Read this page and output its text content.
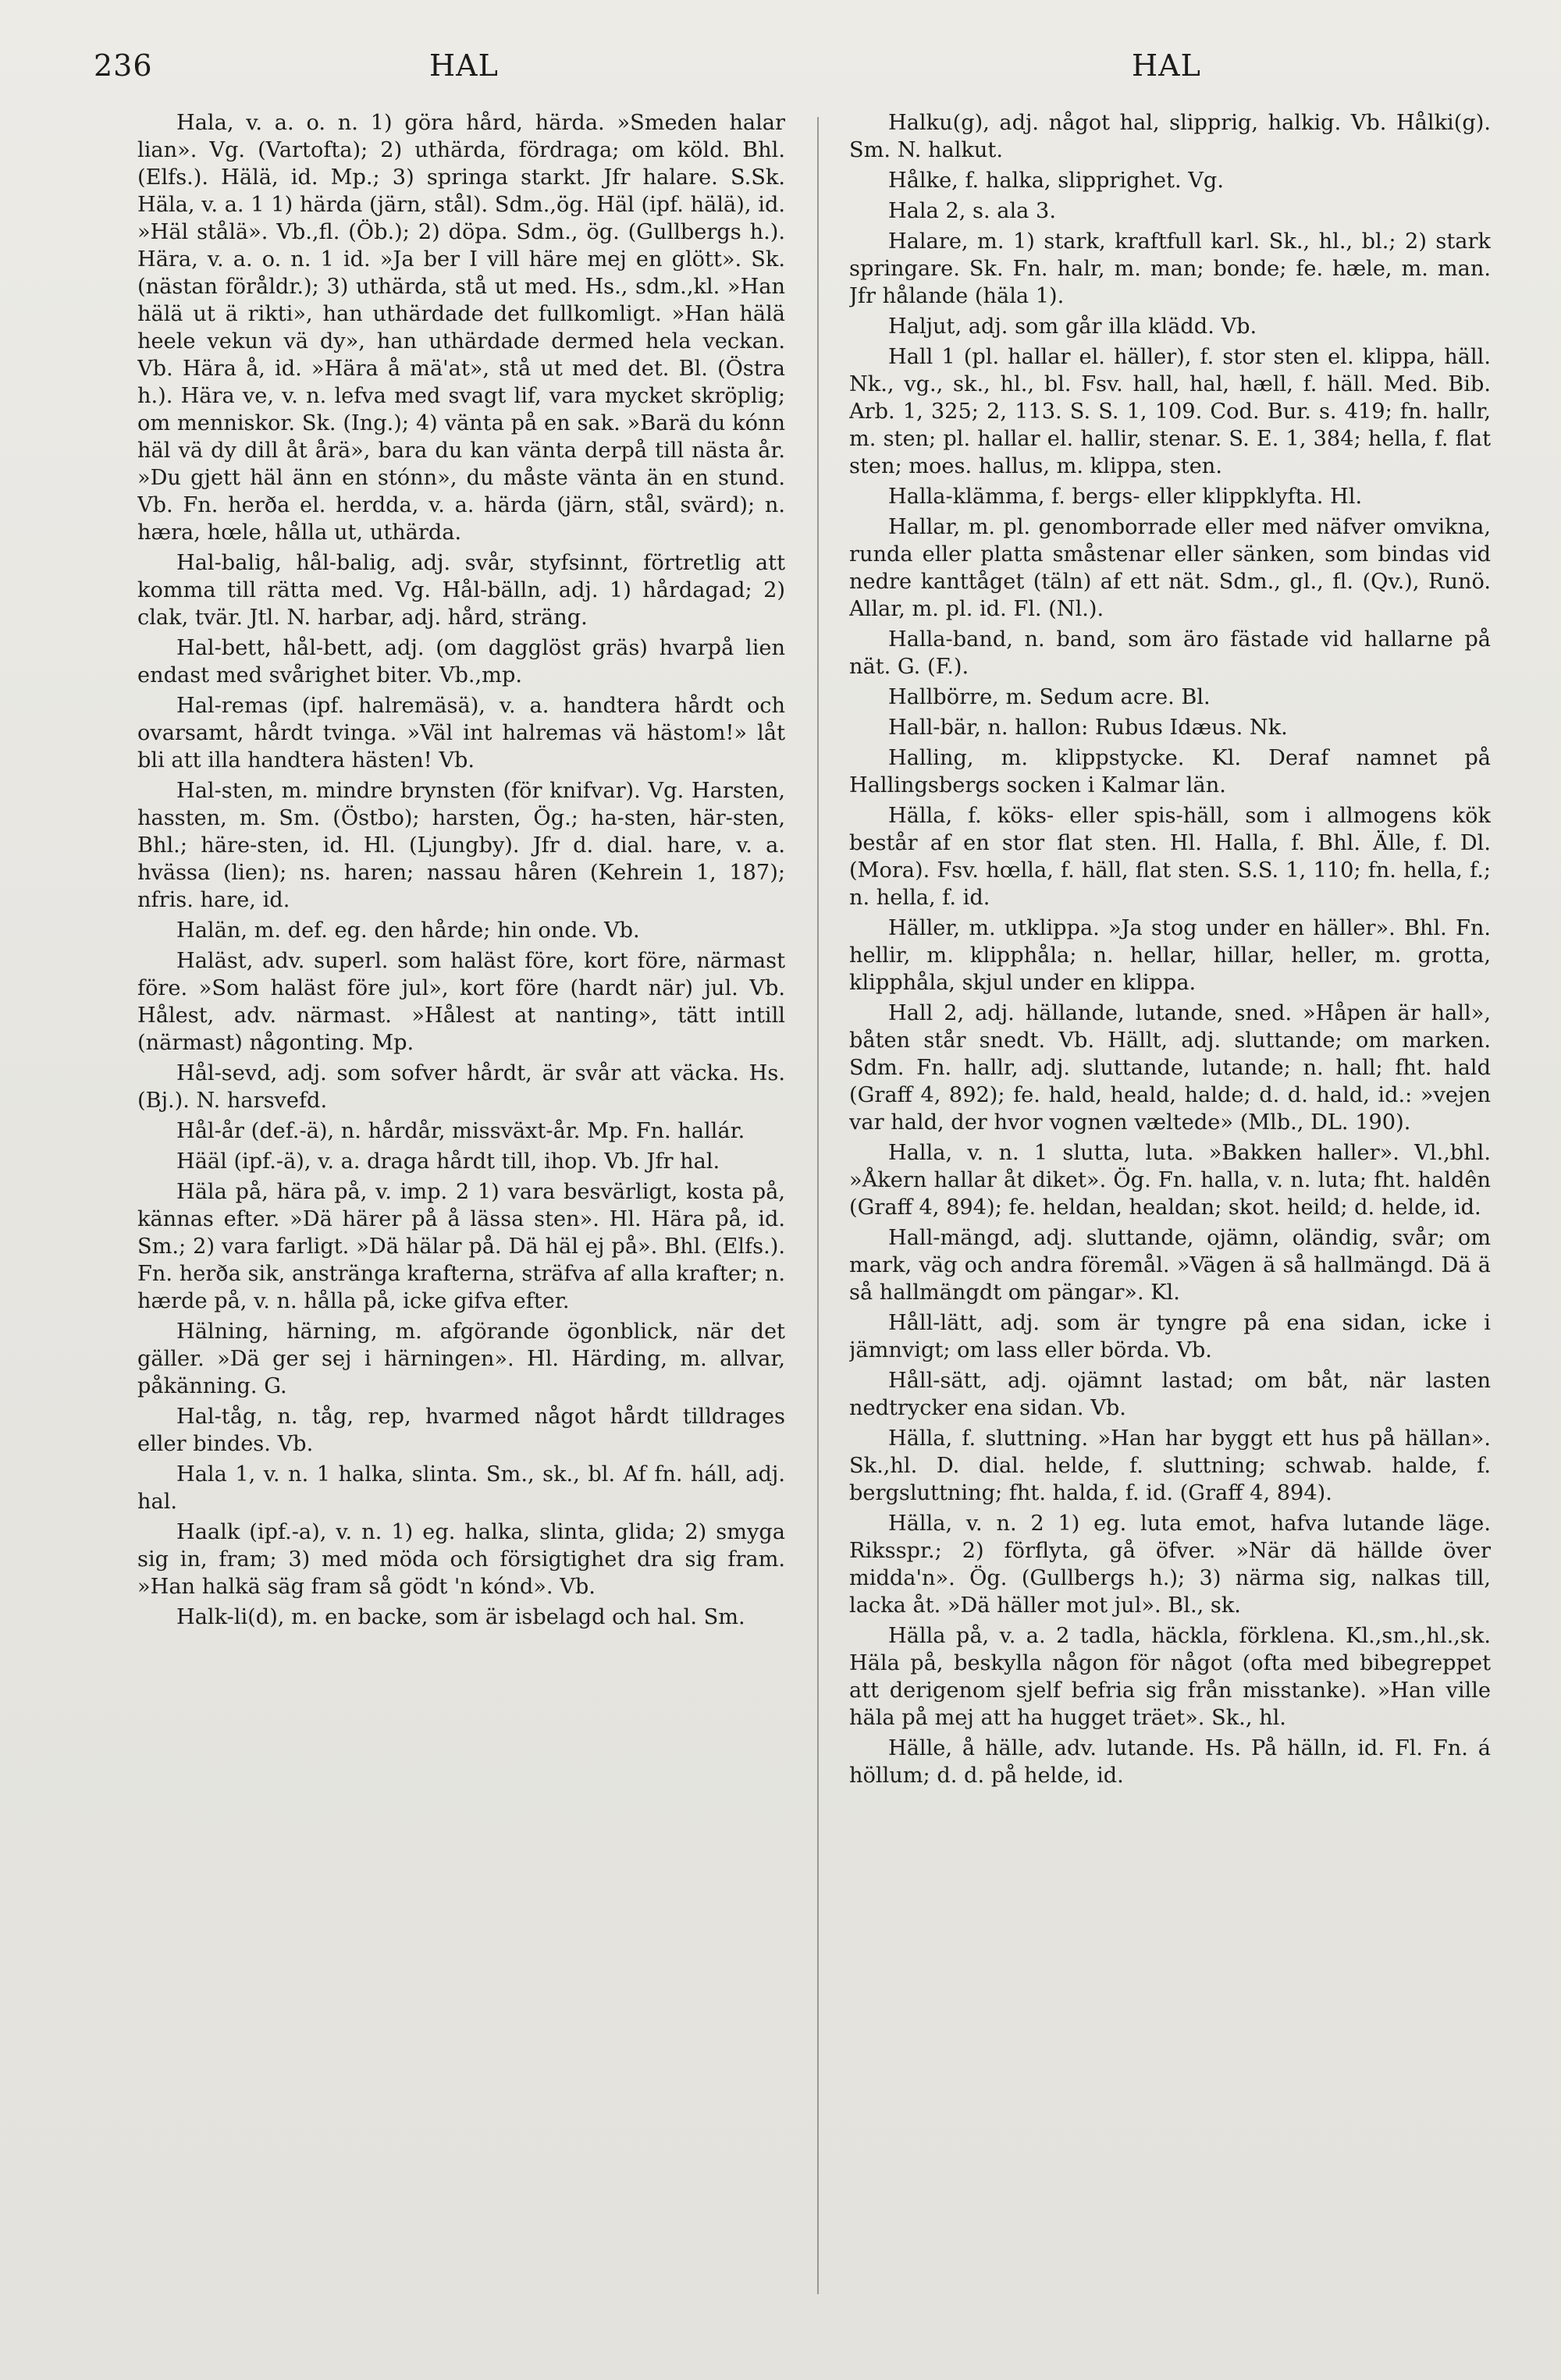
236	HAL	HAL

Hala, v. a. o. n. 1) göra hård, härda. »Smeden halar lian». Vg. (Vartofta); 2) uthärda, fördraga; om köld. Bhl. (Elfs.). Hälä, id. Mp.; 3) springa starkt. Jfr halare. S.Sk. Häla, v. a. 1 1) härda (järn, stål). Sdm.,ög. Häl (ipf. hälä), id. »Häl stålä». Vb.,fl. (Öb.); 2) döpa. Sdm., ög. (Gullbergs h.). Härа, v. a. o. n. 1 id. »Ja ber I vill häre mej en glött». Sk. (nästan föråldr.); 3) uthärda, stå ut med. Hs., sdm.,kl. »Han hälä ut ä rikti», han uthärdade det fullkomligt. »Han hälä heele vekun vä dy», han uthärdade dermed hela veckan. Vb. Härа å, id. »Härа å mä'at», stå ut med det. Bl. (Östra h.). Härа ve, v. n. lefva med svagt lif, vara mycket skröplig; om menniskor. Sk. (Ing.); 4) vänta på en sak. »Barä du kónn häl vä dy dill åt årä», bara du kan vänta derpå till nästa år. »Du gjett häl änn en stónn», du måste vänta än en stund. Vb. Fn. herða el. herdda, v. a. härda (järn, stål, svärd); n. hæra, hœle, hålla ut, uthärda.

Hal-balig, hål-balig, adj. svår, styfsinnt, förtretlig att komma till rätta med. Vg. Hål-bälln, adj. 1) hårdagad; 2) clak, tvär. Jtl. N. harbar, adj. hård, sträng.

Hal-bett, hål-bett, adj. (om dagglöst gräs) hvarpå lien endast med svårighet biter. Vb.,mp.

Hal-remas (ipf. halremäsä), v. a. handtera hårdt och ovarsamt, hårdt tvinga. »Väl int halremas vä hästom!» låt bli att illa handtera hästen! Vb.

Hal-sten, m. mindre brynsten (för knifvar). Vg. Harsten, hassten, m. Sm. (Östbo); harsten, Ög.; ha-sten, här-sten, Bhl.; häre-sten, id. Hl. (Ljungby). Jfr d. dial. hare, v. a. hvässa (lien); ns. haren; nassau håren (Kehrein 1, 187); nfris. hare, id.

Halän, m. def. eg. den hårde; hin onde. Vb.

Haläst, adv. superl. som haläst före, kort före, närmast före. »Som haläst före jul», kort före (hardt när) jul. Vb. Hålest, adv. närmast. »Hålest at nanting», tätt intill (närmast) någonting. Mp.

Hål-sevd, adj. som sofver hårdt, är svår att väcka. Hs. (Bj.). N. harsvefd.

Hål-år (def.-ä), n. hårdår, missväxt-år. Mp. Fn. hallár.

Hääl (ipf.-ä), v. a. draga hårdt till, ihop. Vb. Jfr hal.

Häla på, härа på, v. imp. 2 1) vara besvärligt, kosta på, kännas efter. »Dä härer på å lässa sten». Hl. Härа på, id. Sm.; 2) vara farligt. »Dä hälar på. Dä häl ej på». Bhl. (Elfs.). Fn. herða sik, ansträngа krafterna, sträfva af alla krafter; n. hærde på, v. n. hålla på, icke gifva efter.

Hälning, härning, m. afgörande ögonblick, när det gäller. »Dä ger sej i härningen». Hl. Härding, m. allvar, påkänning. G.

Hal-tåg, n. tåg, rep, hvarmed något hårdt tilldrages eller bindes. Vb.

Hala 1, v. n. 1 halka, slinta. Sm., sk., bl. Af fn. háll, adj. hal.

Haalk (ipf.-a), v. n. 1) eg. halka, slinta, glida; 2) smyga sig in, fram; 3) med möda och försigtighet dra sig fram. »Han halkä säg fram så gödt 'n kónd». Vb.

Halk-li(d), m. en backe, som är isbelagd och hal. Sm.

Halku(g), adj. något hal, slipprig, halkig. Vb. Hålki(g). Sm. N. halkut.

Hålke, f. halka, slipprighet. Vg.

Hala 2, s. ala 3.

Halare, m. 1) stark, kraftfull karl. Sk., hl., bl.; 2) stark springare. Sk. Fn. halr, m. man; bonde; fe. hæle, m. man. Jfr hålande (häla 1).

Haljut, adj. som går illa klädd. Vb.

Hall 1 (pl. hallar el. häller), f. stor sten el. klippa, häll. Nk., vg., sk., hl., bl. Fsv. hall, hal, hæll, f. häll. Med. Bib. Arb. 1, 325; 2, 113. S. S. 1, 109. Cod. Bur. s. 419; fn. hallr, m. sten; pl. hallar el. hallir, stenar. S. E. 1, 384; hella, f. flat sten; moes. hallus, m. klippa, sten.

Halla-klämma, f. bergs- eller klippklyfta. Hl.

Hallar, m. pl. genomborrade eller med näfver omvikna, runda eller platta småstenar eller sänken, som bindas vid nedre kanttåget (täln) af ett nät. Sdm., gl., fl. (Qv.), Runö. Allar, m. pl. id. Fl. (Nl.).

Halla-band, n. band, som äro fästade vid hallarne på nät. G. (F.).

Hallbörre, m. Sedum acre. Bl.

Hall-bär, n. hallon: Rubus Idæus. Nk.

Halling, m. klippstycke. Kl. Deraf namnet på Hallingsbergs socken i Kalmar län.

Hälla, f. köks- eller spis-häll, som i allmogens kök består af en stor flat sten. Hl. Halla, f. Bhl. Älle, f. Dl. (Mora). Fsv. hœlla, f. häll, flat sten. S.S. 1, 110; fn. hella, f.; n. hella, f. id.

Häller, m. utklippa. »Ja stog under en häller». Bhl. Fn. hellir, m. klipphåla; n. hellar, hillar, heller, m. grotta, klipphåla, skjul under en klippa.

Hall 2, adj. hällande, lutande, sned. »Håpen är hall», båten står snedt. Vb. Hällt, adj. sluttande; om marken. Sdm. Fn. hallr, adj. sluttande, lutande; n. hall; fht. hald (Graff 4, 892); fe. hald, heald, halde; d. d. hald, id.: »vejen var hald, der hvor vognen væltede» (Mlb., DL. 190).

Halla, v. n. 1 slutta, luta. »Bakken haller». Vl.,bhl. »Åkern hallar åt diket». Ög. Fn. halla, v. n. luta; fht. haldên (Graff 4, 894); fe. heldan, healdan; skot. heild; d. helde, id.

Hall-mängd, adj. sluttande, ojämn, oländig, svår; om mark, väg och andra föremål. »Vägen ä så hallmängd. Dä ä så hallmängdt om pängar». Kl.

Håll-lätt, adj. som är tyngre på ena sidan, icke i jämnvigt; om lass eller börda. Vb.

Håll-sätt, adj. ojämnt lastad; om båt, när lasten nedtrycker ena sidan. Vb.

Hälla, f. sluttning. »Han har byggt ett hus på hällan». Sk.,hl. D. dial. helde, f. sluttning; schwab. halde, f. bergsluttning; fht. halda, f. id. (Graff 4, 894).

Hälla, v. n. 2 1) eg. luta emot, hafva lutande läge. Riksspr.; 2) förflyta, gå öfver. »När dä hällde över midda'n». Ög. (Gullbergs h.); 3) närma sig, nalkas till, lacka åt. »Dä häller mot jul». Bl., sk.

Hälla på, v. a. 2 tadla, häckla, förklena. Kl.,sm.,hl.,sk. Häla på, beskylla någon för något (ofta med bibegreppet att derigenom sjelf befria sig från misstanke). »Han ville häla på mej att ha hugget träet». Sk., hl.

Hälle, å hälle, adv. lutande. Hs. På hälln, id. Fl. Fn. á höllum; d. d. på helde, id.
